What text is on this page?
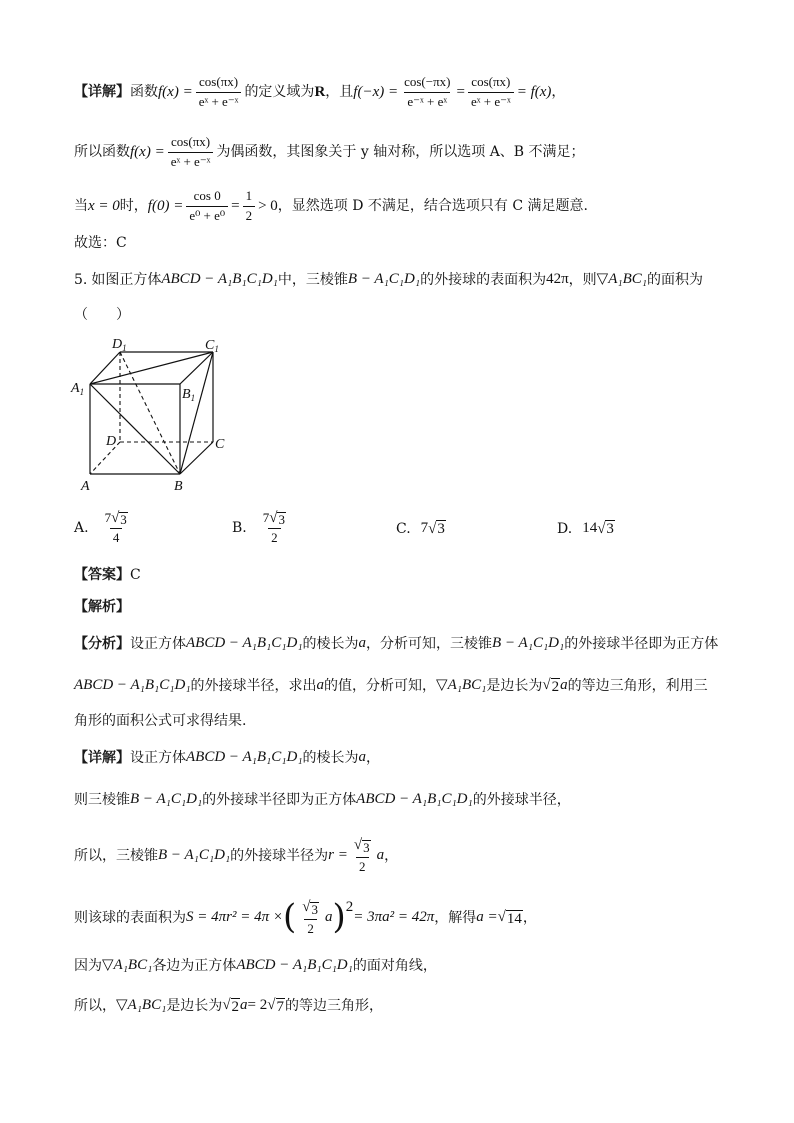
【详解】 函数 $f(x) = \frac{\cos(\pi x)}{\text{eˣ + e⁻ˣ}}$ 的定义域为 R ，且 $f(-x) = \frac{\cos(-\pi x)}{\text{e⁻ˣ + eˣ}} = \frac{\cos(\pi x)}{\text{eˣ + e⁻ˣ}} = f(x)$ ，
所以函数 $f(x) = \frac{\cos(\pi x)}{\text{eˣ + e⁻ˣ}}$ 为偶函数，其图象关于 y 轴对称，所以选项 A、B 不满足；
当 x = 0 时， $f(0) = \frac{\cos 0}{\text{e⁰ + e⁰}} = \frac{1}{2} > 0$ ，显然选项 D 不满足，结合选项只有 C 满足题意.
故选：C
5. 如图正方体 ABCD − A₁B₁C₁D₁ 中，三棱锥 B − A₁C₁D₁ 的外接球的表面积为 42π ，则 ▽ A₁BC₁ 的面积为
（　　）
$D_1$	$C_1$
$A_1$	$B_1$
D	C
A	B
A. $\frac{7 √ 3}{4}$	B. $\frac{7 √ 3}{2}$	C. 7 √ 3	D. 14 √ 3
【答案】 C
【解析】
【分析】 设正方体 ABCD − A₁B₁C₁D₁ 的棱长为 a ，分析可知，三棱锥 B − A₁C₁D₁ 的外接球半径即为正方体
ABCD − A₁B₁C₁D₁ 的外接球半径，求出 a 的值，分析可知， ▽ A₁BC₁ 是边长为 √ 2 a 的等边三角形，利用三
角形的面积公式可求得结果.
【详解】 设正方体 ABCD − A₁B₁C₁D₁ 的棱长为 a ，
则三棱锥 B − A₁C₁D₁ 的外接球半径即为正方体 ABCD − A₁B₁C₁D₁ 的外接球半径，
所以，三棱锥 B − A₁C₁D₁ 的外接球半径为 $r = \frac{√ 3}{2}$ a ，
则该球的表面积为 S = 4πr² = 4π × ( $\frac{√ 3}{2}$ a ) 2
= 3πa² = 42π ，解得 a = √ 14 ，
因为 ▽ A₁BC₁ 各边为正方体 ABCD − A₁B₁C₁D₁ 的面对角线，
所以， ▽ A₁BC₁ 是边长为 √ 2 a = 2 √ 7 的等边三角形，
